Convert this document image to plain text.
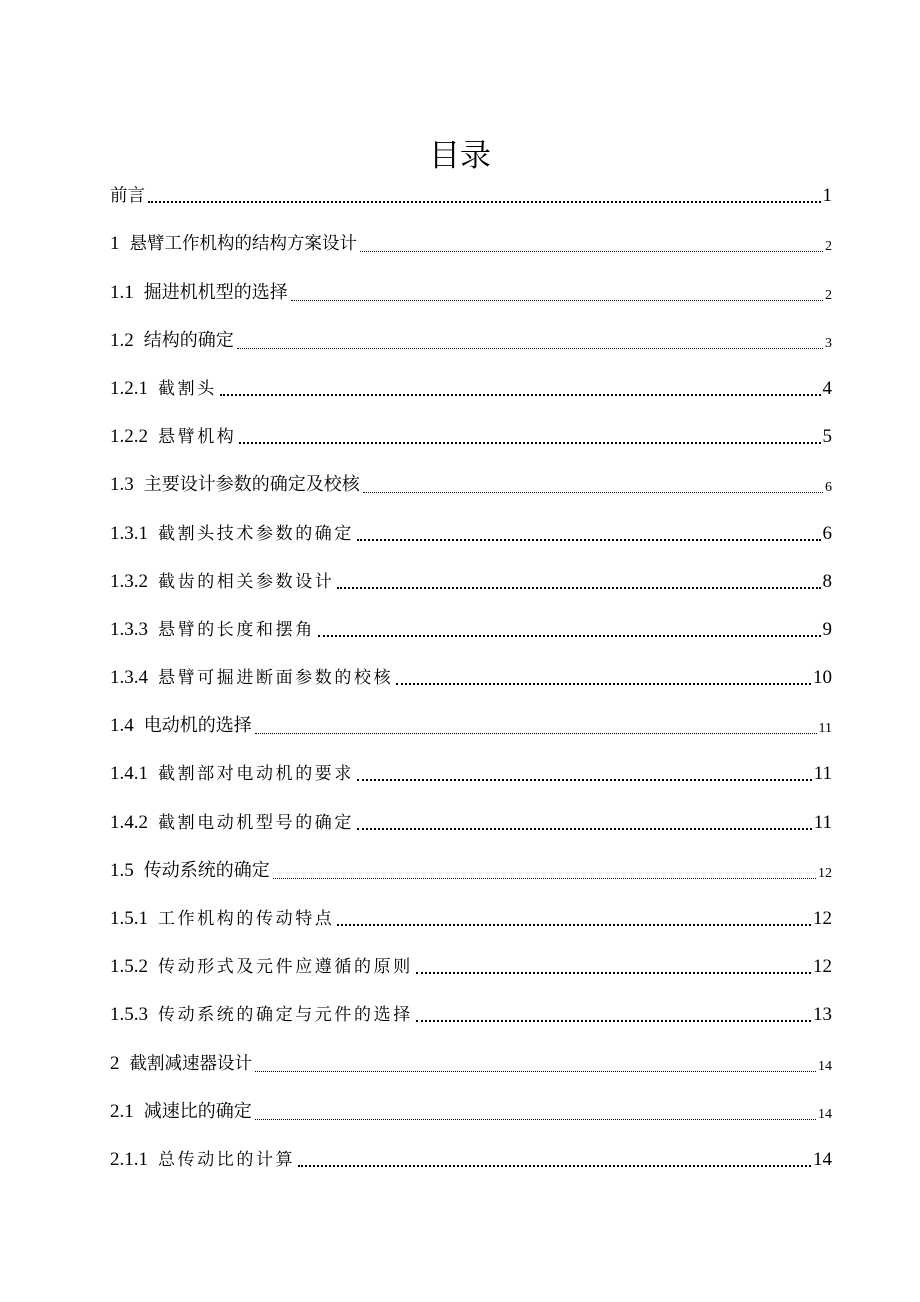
目录
前言	1
1 悬臂工作机构的结构方案设计	2
1.1 掘进机机型的选择	2
1.2 结构的确定	3
1.2.1 截割头	4
1.2.2 悬臂机构	5
1.3 主要设计参数的确定及校核	6
1.3.1 截割头技术参数的确定	6
1.3.2 截齿的相关参数设计	8
1.3.3 悬臂的长度和摆角	9
1.3.4 悬臂可掘进断面参数的校核	10
1.4 电动机的选择	11
1.4.1 截割部对电动机的要求	11
1.4.2 截割电动机型号的确定	11
1.5 传动系统的确定	12
1.5.1 工作机构的传动特点	12
1.5.2 传动形式及元件应遵循的原则	12
1.5.3 传动系统的确定与元件的选择	13
2 截割减速器设计	14
2.1 减速比的确定	14
2.1.1 总传动比的计算	14
